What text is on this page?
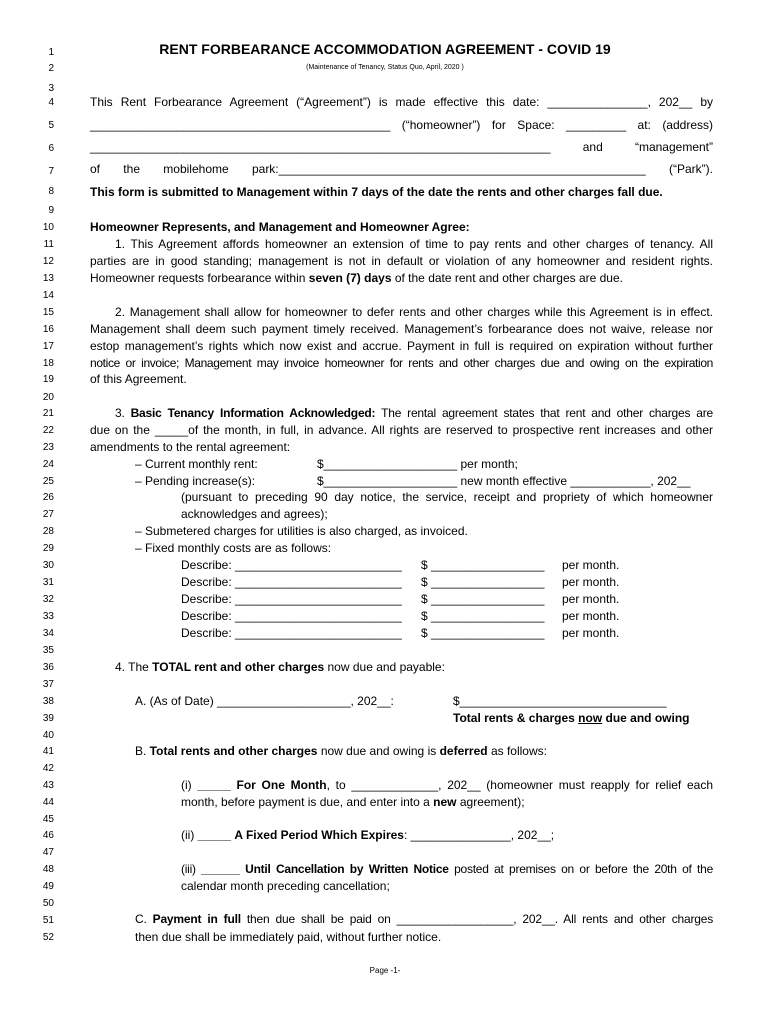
1
2
3
4
5
6
7
8
9
10
11
12
13
14
15
16
17
18
19
20
21
22
23
24
25
26
27
28
29
30
31
32
33
34
35
36
37
38
39
40
41
42
43
44
45
46
47
48
49
50
51
52
RENT FORBEARANCE ACCOMMODATION AGREEMENT - COVID 19
(Maintenance of Tenancy, Status Quo, April, 2020 )
This Rent Forbearance Agreement (“Agreement”) is made effective this date: _______________, 202__ by
_____________________________________________ (“homeowner”) for Space: _________ at: (address)
_____________________________________________________________________ and “management”
of the mobilehome park:_______________________________________________________ (“Park”).
This form is submitted to Management within 7 days of the date the rents and other charges fall due.
Homeowner Represents, and Management and Homeowner Agree:
1. This Agreement affords homeowner an extension of time to pay rents and other charges of tenancy. All
parties are in good standing; management is not in default or violation of any homeowner and resident rights.
Homeowner requests forbearance within seven (7) days of the date rent and other charges are due.
2. Management shall allow for homeowner to defer rents and other charges while this Agreement is in effect.
Management shall deem such payment timely received. Management’s forbearance does not waive, release nor
estop management’s rights which now exist and accrue. Payment in full is required on expiration without further
notice or invoice; Management may invoice homeowner for rents and other charges due and owing on the expiration
of this Agreement.
3. Basic Tenancy Information Acknowledged: The rental agreement states that rent and other charges are
due on the _____of the month, in full, in advance. All rights are reserved to prospective rent increases and other
amendments to the rental agreement:
– Current monthly rent:	$____________________ per month;
– Pending increase(s):	$____________________ new month effective ____________, 202__
(pursuant to preceding 90 day notice, the service, receipt and propriety of which homeowner
acknowledges and agrees);
– Submetered charges for utilities is also charged, as invoiced.
– Fixed monthly costs are as follows:
Describe: _________________________ $ _________________ per month.
Describe: _________________________ $ _________________ per month.
Describe: _________________________ $ _________________ per month.
Describe: _________________________ $ _________________ per month.
Describe: _________________________ $ _________________ per month.
4. The TOTAL rent and other charges now due and payable:
A. (As of Date) ____________________, 202__:	$_______________________________
Total rents & charges now due and owing
B. Total rents and other charges now due and owing is deferred as follows:
(i) _____ For One Month, to _____________, 202__ (homeowner must reapply for relief each
month, before payment is due, and enter into a new agreement);
(ii) _____ A Fixed Period Which Expires: _______________, 202__;
(iii) ______ Until Cancellation by Written Notice posted at premises on or before the 20th of the
calendar month preceding cancellation;
C. Payment in full then due shall be paid on __________________, 202__. All rents and other charges
then due shall be immediately paid, without further notice.
Page -1-
